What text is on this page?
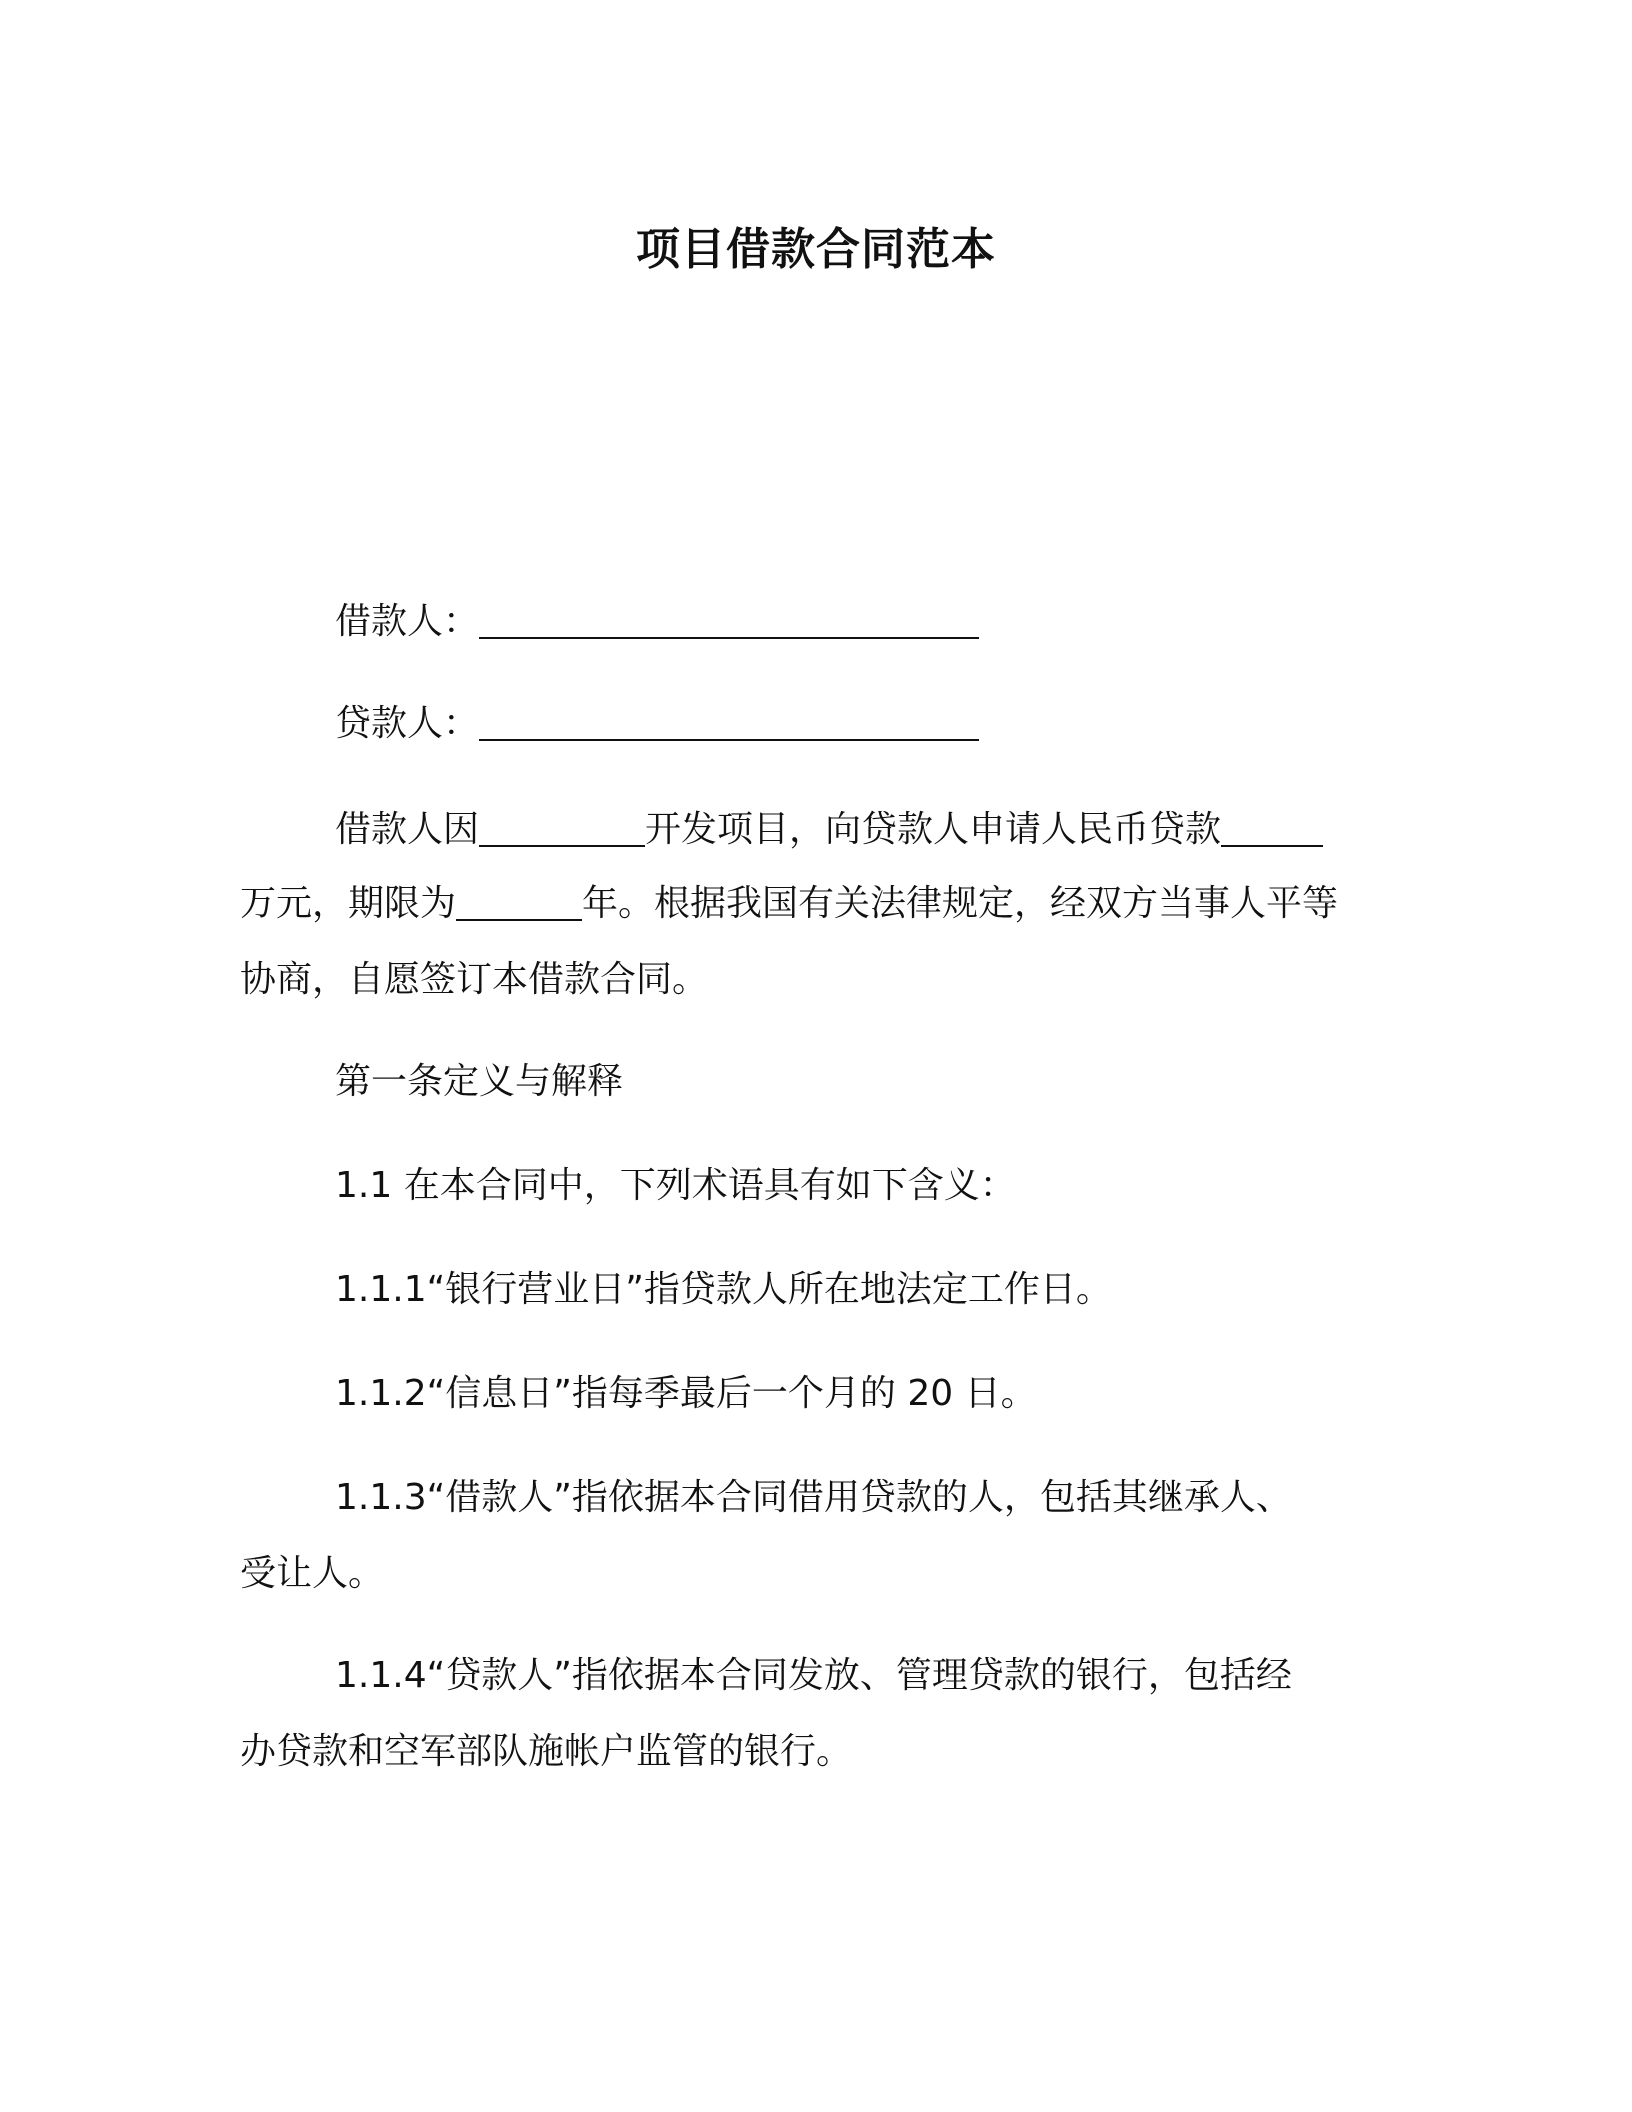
项目借款合同范本
借款人：
贷款人：
借款人因	开发项目，向贷款人申请人民币贷款
万元，期限为	年。根据我国有关法律规定，经双方当事人平等
协商，自愿签订本借款合同。
第一条定义与解释
1.1 在本合同中，下列术语具有如下含义：
1.1.1“银行营业日”指贷款人所在地法定工作日。
1.1.2“信息日”指每季最后一个月的 20 日。
1.1.3“借款人”指依据本合同借用贷款的人，包括其继承人、
受让人。
1.1.4“贷款人”指依据本合同发放、管理贷款的银行，包括经
办贷款和空军部队施帐户监管的银行。
